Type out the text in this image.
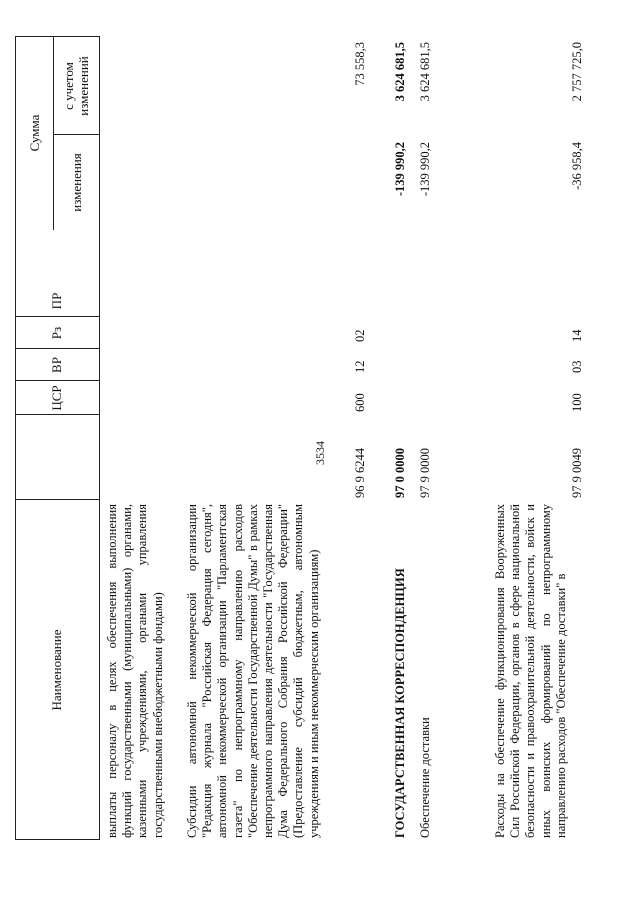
3534
Наименование
ЦСР
ВР
Рз
ПР
Сумма
изменения
с учетом изменений
выплаты персоналу в целях обеспечения выполнения функций государственными (муниципальными) органами, казенными учреждениями, органами управления государственными внебюджетными фондами) Субсидии автономной некоммерческой организации "Редакция журнала "Российская Федерация сегодня", автономной некоммерческой организации "Парламентская газета" по непрограммному направлению расходов "Обеспечение деятельности Государственной Думы" в рамках непрограммного направления деятельности "Государственная Дума Федерального Собрания Российской Федерации" (Предоставление субсидий бюджетным, автономным учреждениям и иным некоммерческим организациям)
96 9 6244
600
12
02
73 558,3
ГОСУДАРСТВЕННАЯ КОРРЕСПОНДЕНЦИЯ
97 0 0000
-139 990,2
3 624 681,5
Обеспечение доставки
97 9 0000
-139 990,2
3 624 681,5
Расходы на обеспечение функционирования Вооруженных Сил Российской Федерации, органов в сфере национальной безопасности и правоохранительной деятельности, войск и иных воинских формирований по непрограммному направлению расходов "Обеспечение доставки" в
97 9 0049
100
03
14
-36 958,4
2 757 725,0
